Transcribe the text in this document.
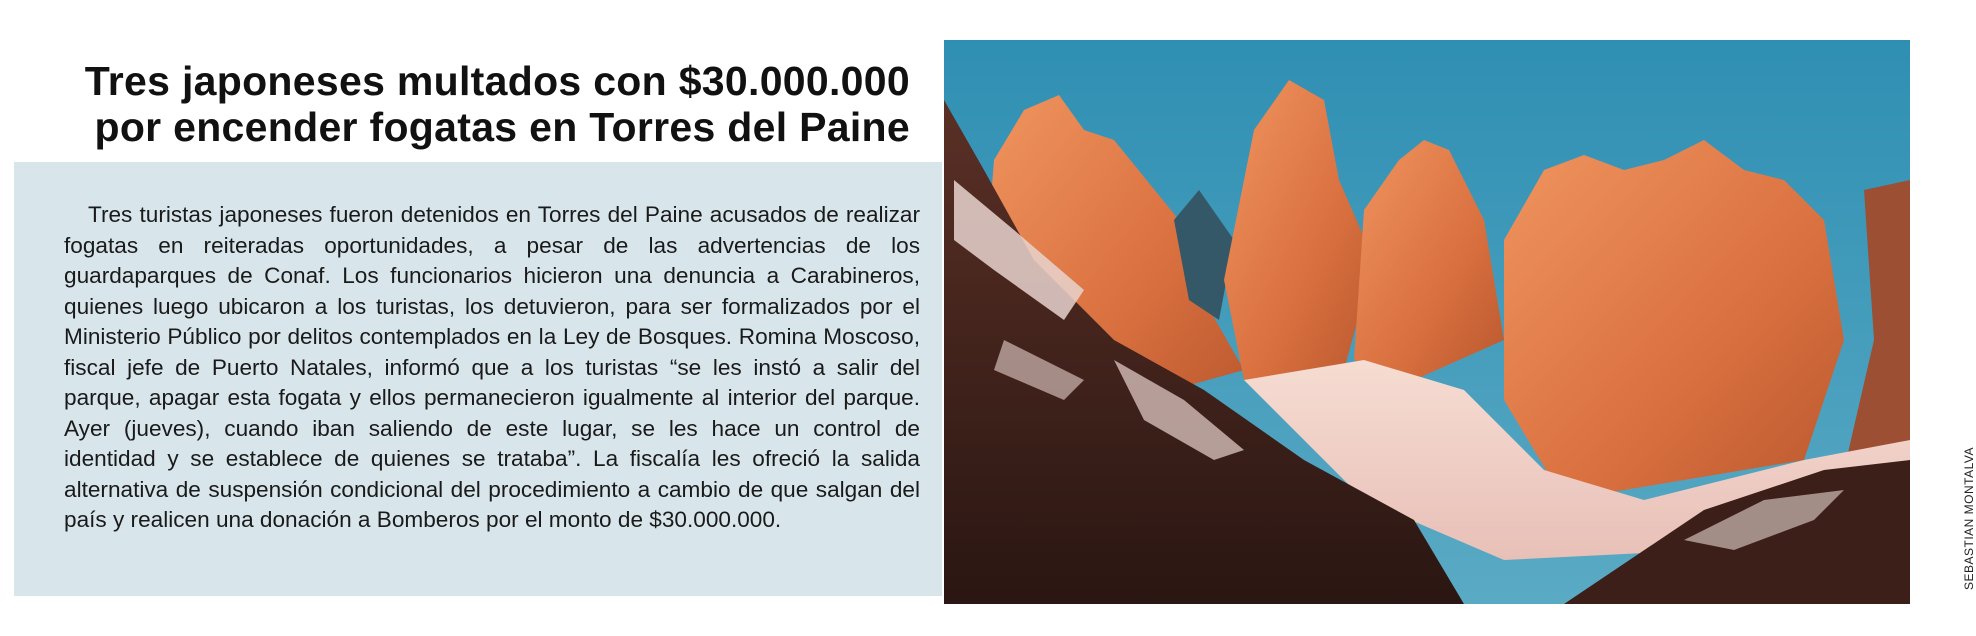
Tres japoneses multados con $30.000.000
por encender fogatas en Torres del Paine

Tres turistas japoneses fueron detenidos en Torres del Paine acusados de realizar fogatas en reiteradas oportunidades, a pesar de las advertencias de los guardaparques de Conaf. Los funcionarios hicieron una denuncia a Carabineros, quienes luego ubicaron a los turistas, los detuvieron, para ser formalizados por el Ministerio Público por delitos contemplados en la Ley de Bosques. Romina Moscoso, fiscal jefe de Puerto Natales, informó que a los turistas “se les instó a salir del parque, apagar esta fogata y ellos permanecieron igualmente al interior del parque. Ayer (jueves), cuando iban saliendo de este lugar, se les hace un control de identidad y se establece de quienes se trataba”. La fiscalía les ofreció la salida alternativa de suspensión condicional del procedimiento a cambio de que salgan del país y realicen una donación a Bomberos por el monto de $30.000.000.	SEBASTIAN MONTALVA
